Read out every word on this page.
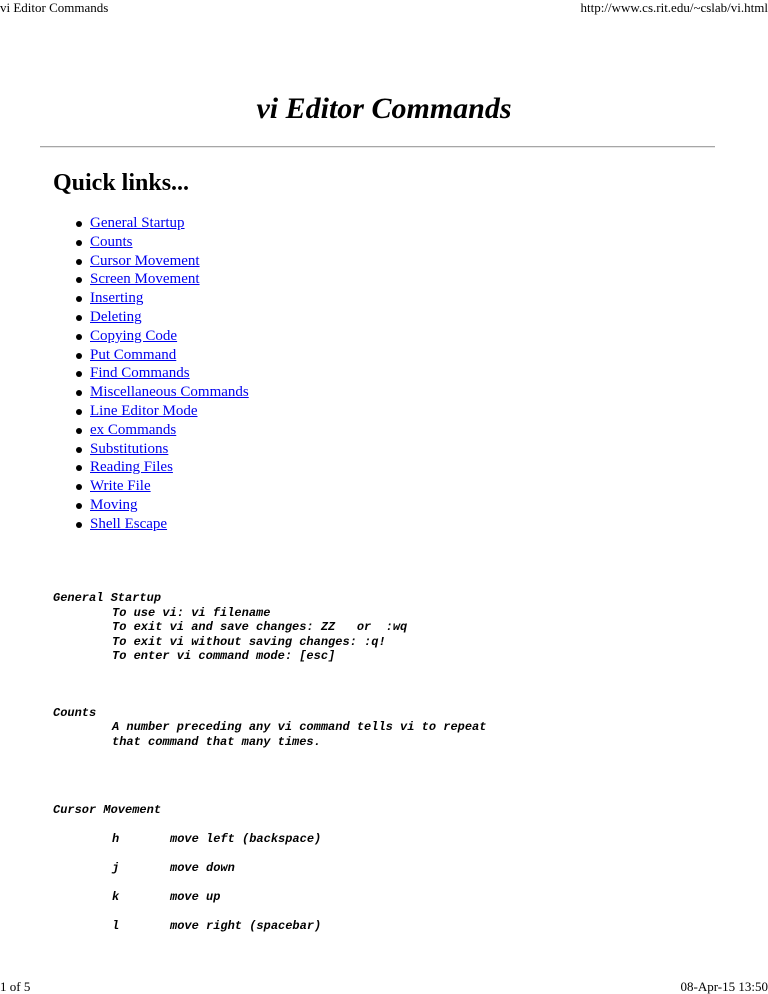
vi Editor Commands	http://www.cs.rit.edu/~cslab/vi.html
vi Editor Commands
Quick links...
General Startup
Counts
Cursor Movement
Screen Movement
Inserting
Deleting
Copying Code
Put Command
Find Commands
Miscellaneous Commands
Line Editor Mode
ex Commands
Substitutions
Reading Files
Write File
Moving
Shell Escape
General Startup
To use vi: vi filename
To exit vi and save changes: ZZ   or  :wq
To exit vi without saving changes: :q!
To enter vi command mode: [esc]
Counts
A number preceding any vi command tells vi to repeat
that command that many times.
Cursor Movement
h	move left (backspace)
j	move down
k	move up
l	move right (spacebar)
1 of 5	08-Apr-15 13:50
